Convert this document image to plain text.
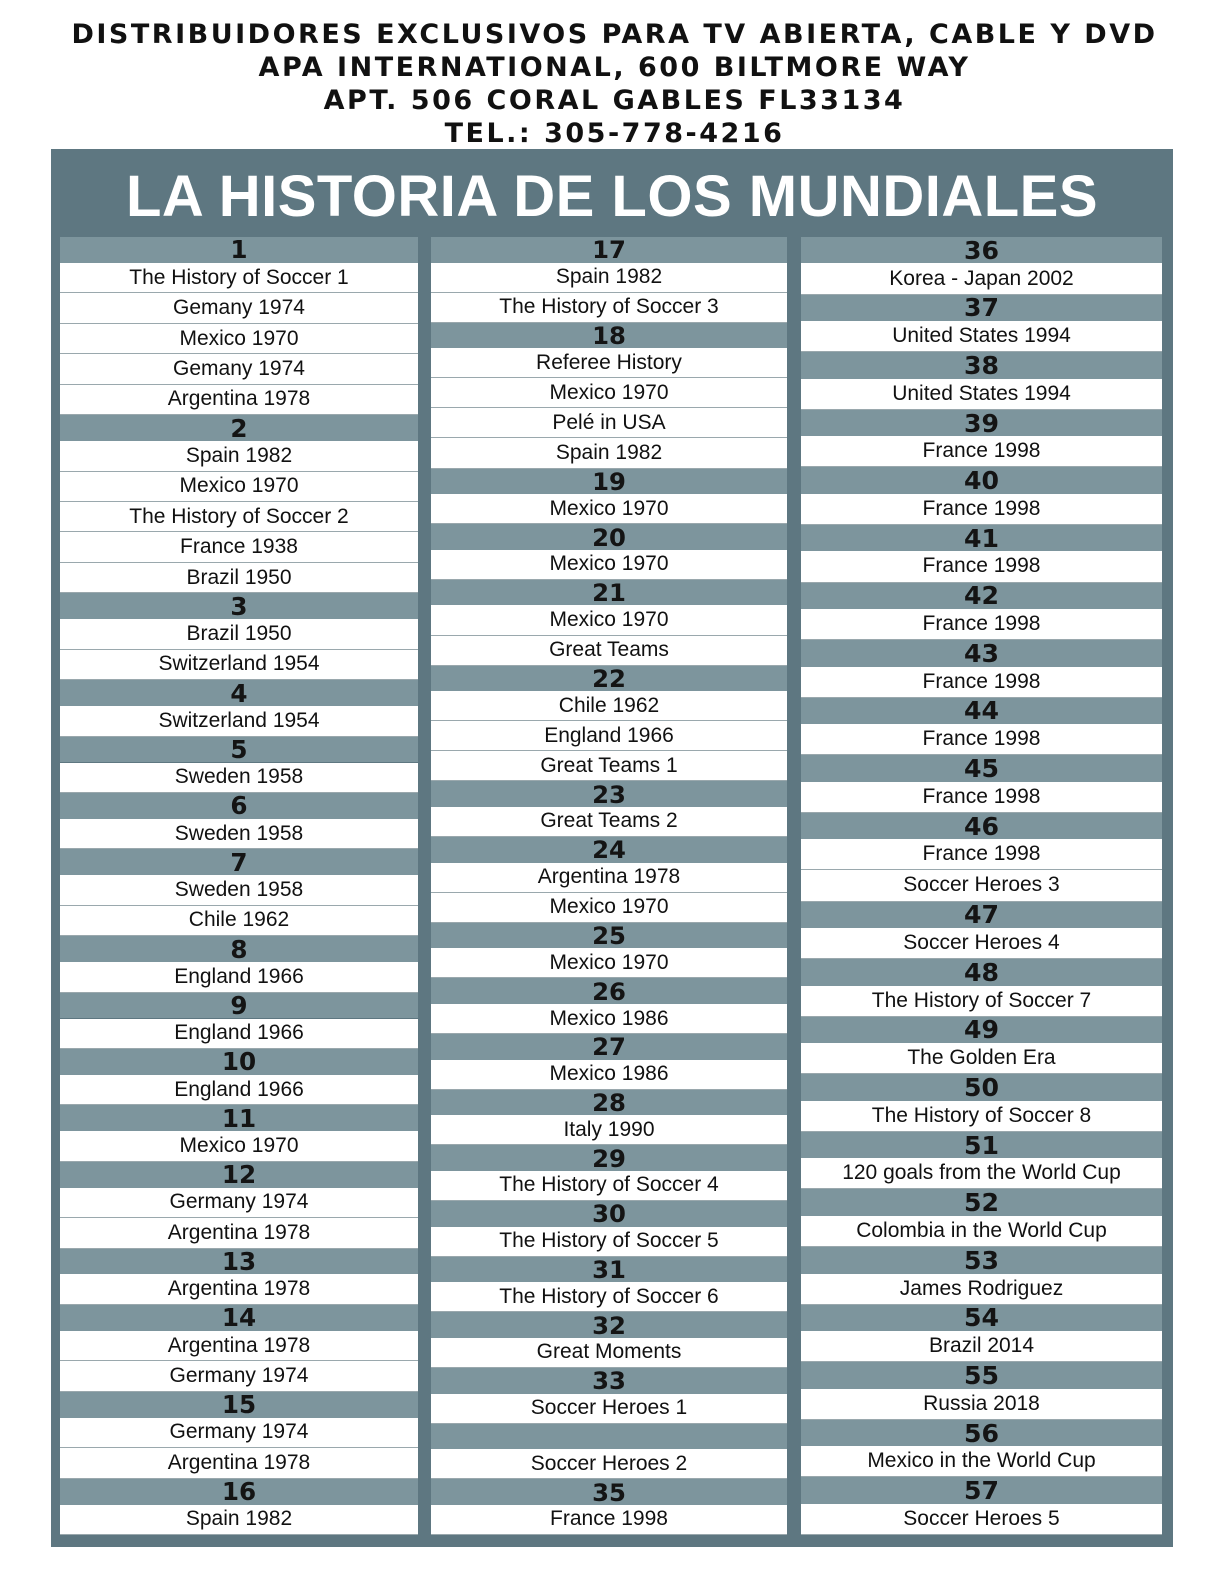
DISTRIBUIDORES EXCLUSIVOS PARA TV ABIERTA, CABLE Y DVD
APA INTERNATIONAL, 600 BILTMORE WAY
APT. 506 CORAL GABLES FL33134
TEL.: 305-778-4216
LA HISTORIA DE LOS MUNDIALES
1
The History of Soccer 1
Gemany 1974
Mexico 1970
Gemany 1974
Argentina 1978
2
Spain 1982
Mexico 1970
The History of Soccer 2
France 1938
Brazil 1950
3
Brazil 1950
Switzerland 1954
4
Switzerland 1954
5
Sweden 1958
6
Sweden 1958
7
Sweden 1958
Chile 1962
8
England 1966
9
England 1966
10
England 1966
11
Mexico 1970
12
Germany 1974
Argentina 1978
13
Argentina 1978
14
Argentina 1978
Germany 1974
15
Germany 1974
Argentina 1978
16
Spain 1982
17
Spain 1982
The History of Soccer 3
18
Referee History
Mexico 1970
Pelé in USA
Spain 1982
19
Mexico 1970
20
Mexico 1970
21
Mexico 1970
Great Teams
22
Chile 1962
England 1966
Great Teams 1
23
Great Teams 2
24
Argentina 1978
Mexico 1970
25
Mexico 1970
26
Mexico 1986
27
Mexico 1986
28
Italy 1990
29
The History of Soccer 4
30
The History of Soccer 5
31
The History of Soccer 6
32
Great Moments
33
Soccer Heroes 1
Soccer Heroes 2
35
France 1998
36
Korea - Japan 2002
37
United States 1994
38
United States 1994
39
France 1998
40
France 1998
41
France 1998
42
France 1998
43
France 1998
44
France 1998
45
France 1998
46
France 1998
Soccer Heroes 3
47
Soccer Heroes 4
48
The History of Soccer 7
49
The Golden Era
50
The History of Soccer 8
51
120 goals from the World Cup
52
Colombia in the World Cup
53
James Rodriguez
54
Brazil 2014
55
Russia 2018
56
Mexico in the World Cup
57
Soccer Heroes 5
